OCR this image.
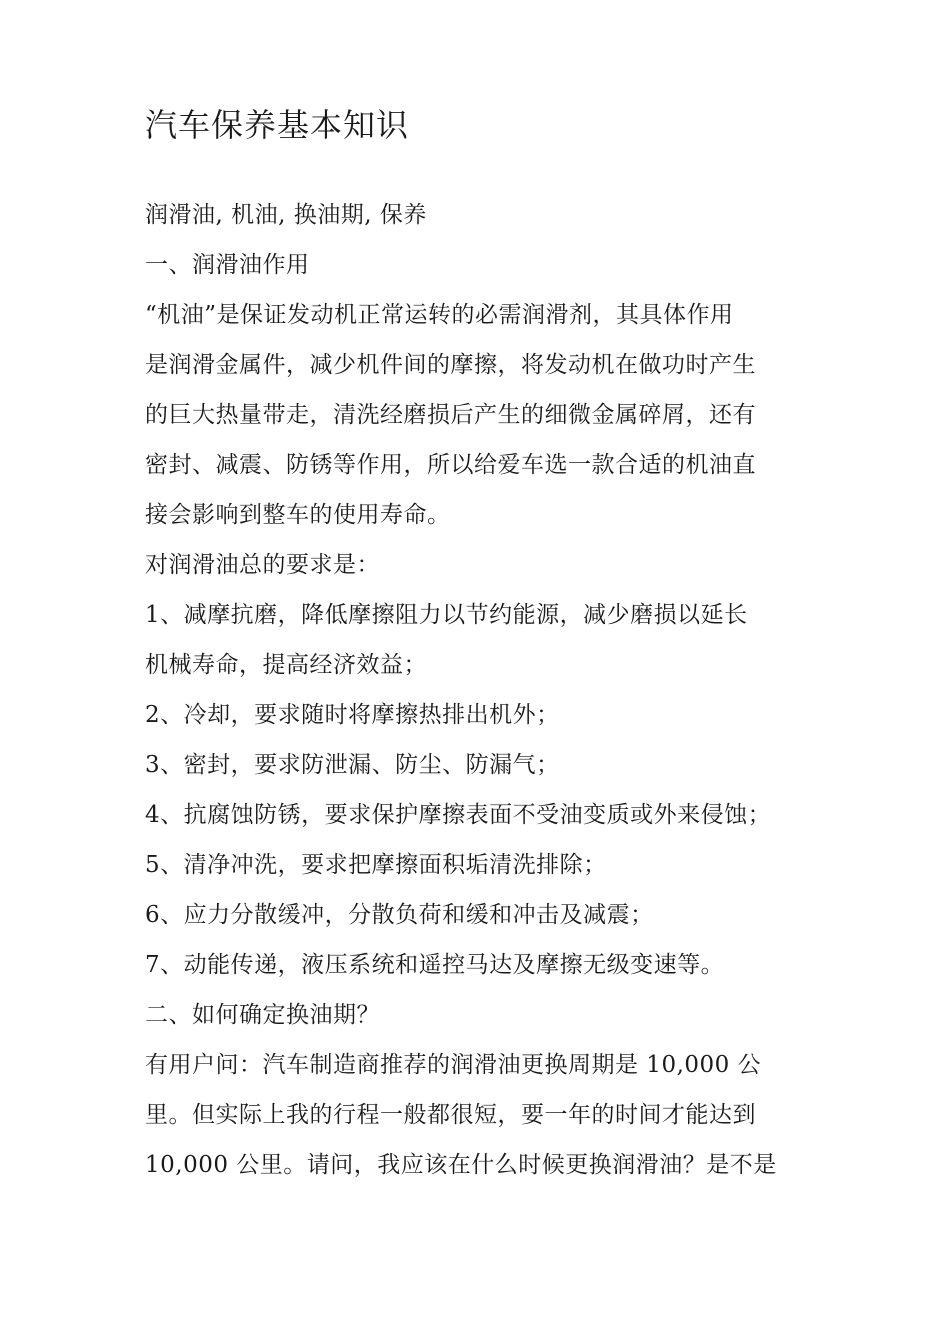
汽车保养基本知识

润滑油, 机油, 换油期, 保养

一、润滑油作用

“机油”是保证发动机正常运转的必需润滑剂，其具体作用

是润滑金属件，减少机件间的摩擦，将发动机在做功时产生

的巨大热量带走，清洗经磨损后产生的细微金属碎屑，还有

密封、减震、防锈等作用，所以给爱车选一款合适的机油直

接会影响到整车的使用寿命。

对润滑油总的要求是：

1、减摩抗磨，降低摩擦阻力以节约能源，减少磨损以延长

机械寿命，提高经济效益；

2、冷却，要求随时将摩擦热排出机外；

3、密封，要求防泄漏、防尘、防漏气；

4、抗腐蚀防锈，要求保护摩擦表面不受油变质或外来侵蚀；

5、清净冲洗，要求把摩擦面积垢清洗排除；

6、应力分散缓冲，分散负荷和缓和冲击及减震；

7、动能传递，液压系统和遥控马达及摩擦无级变速等。

二、如何确定换油期？

有用户问：汽车制造商推荐的润滑油更换周期是 10,000 公

里。但实际上我的行程一般都很短，要一年的时间才能达到

10,000 公里。请问，我应该在什么时候更换润滑油？是不是
